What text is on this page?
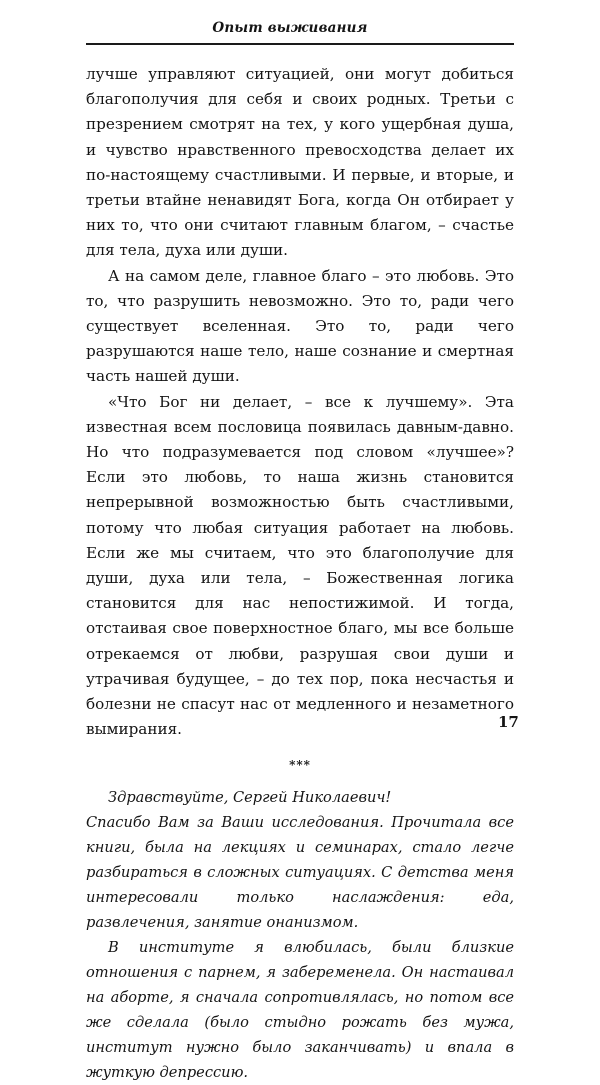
Опыт выживания

лучше управляют ситуацией, они могут добиться благополучия для себя и своих родных. Третьи с презрением смотрят на тех, у кого ущербная душа, и чувство нравственного превосходства делает их по-настоящему счастливыми. И первые, и вторые, и третьи втайне ненавидят Бога, когда Он отбирает у них то, что они считают главным благом, – счастье для тела, духа или души.

А на самом деле, главное благо – это любовь. Это то, что разрушить невозможно. Это то, ради чего существует вселенная. Это то, ради чего разрушаются наше тело, наше сознание и смертная часть нашей души.

«Что Бог ни делает, – все к лучшему». Эта известная всем пословица появилась давным-давно. Но что подразумевается под словом «лучшее»? Если это любовь, то наша жизнь становится непрерывной возможностью быть счастливыми, потому что любая ситуация работает на любовь. Если же мы считаем, что это благополучие для души, духа или тела, – Божественная логика становится для нас непостижимой. И тогда, отстаивая свое поверхностное благо, мы все больше отрекаемся от любви, разрушая свои души и утрачивая будущее, – до тех пор, пока несчастья и болезни не спасут нас от медленного и незаметного вымирания.

***

Здравствуйте, Сергей Николаевич!

Спасибо Вам за Ваши исследования. Прочитала все книги, была на лекциях и семинарах, стало легче разбираться в сложных ситуациях. С детства меня интересовали только наслаждения: еда, развлечения, занятие онанизмом.

В институте я влюбилась, были близкие отношения с парнем, я забеременела. Он настаивал на аборте, я сначала сопротивлялась, но потом все же сделала (было стыдно рожать без мужа, институт нужно было заканчивать) и впала в жуткую депрессию.

17
